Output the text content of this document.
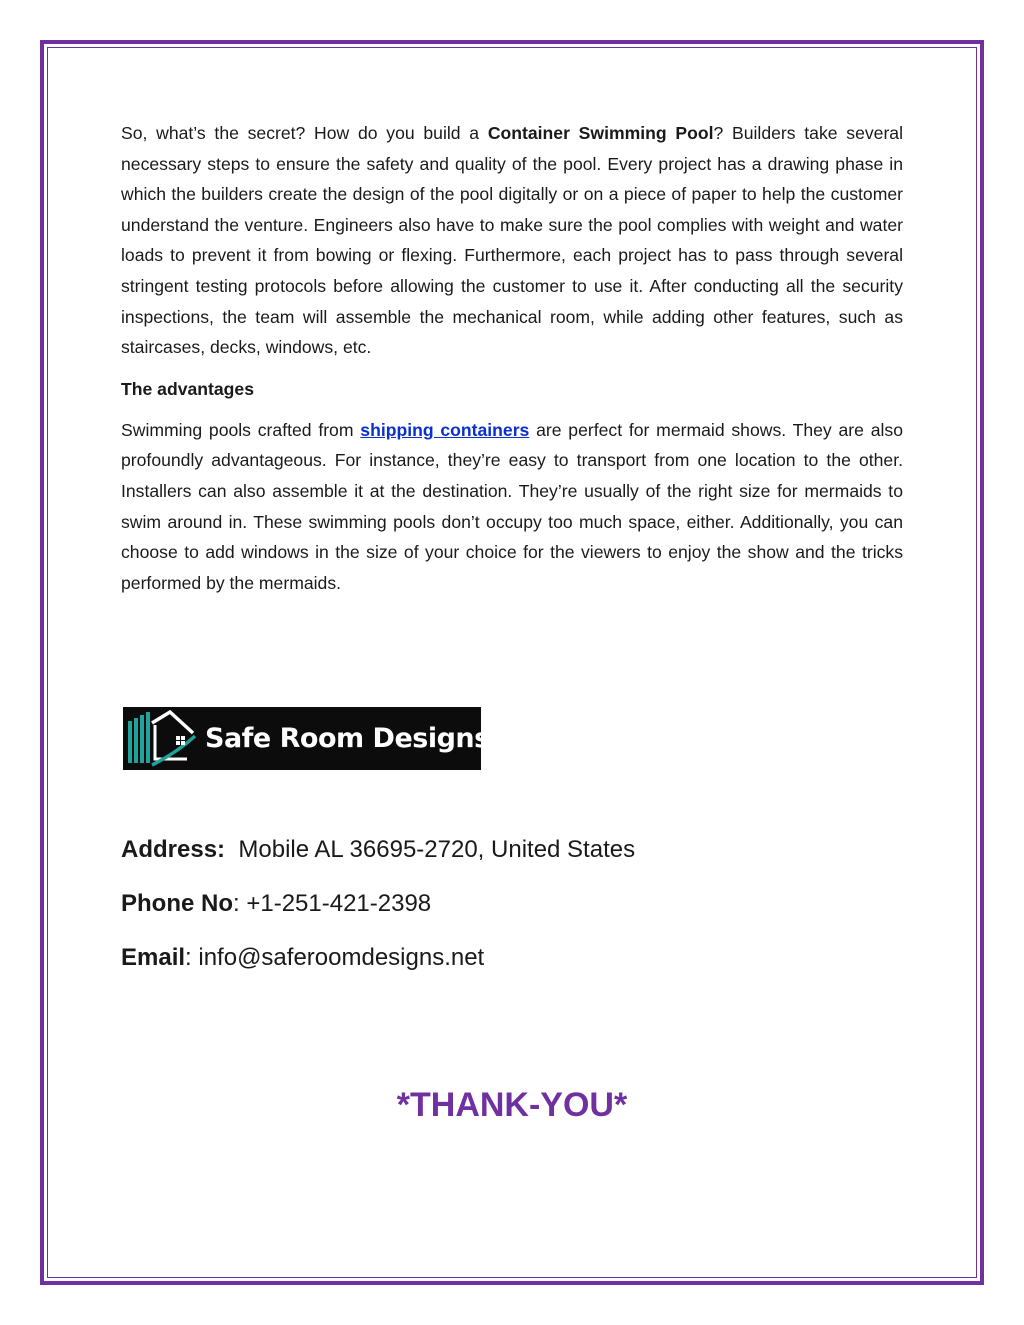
So, what’s the secret? How do you build a Container Swimming Pool? Builders take several necessary steps to ensure the safety and quality of the pool. Every project has a drawing phase in which the builders create the design of the pool digitally or on a piece of paper to help the customer understand the venture. Engineers also have to make sure the pool complies with weight and water loads to prevent it from bowing or flexing. Furthermore, each project has to pass through several stringent testing protocols before allowing the customer to use it. After conducting all the security inspections, the team will assemble the mechanical room, while adding other features, such as staircases, decks, windows, etc.

The advantages

Swimming pools crafted from shipping containers are perfect for mermaid shows. They are also profoundly advantageous. For instance, they’re easy to transport from one location to the other. Installers can also assemble it at the destination. They’re usually of the right size for mermaids to swim around in. These swimming pools don’t occupy too much space, either. Additionally, you can choose to add windows in the size of your choice for the viewers to enjoy the show and the tricks performed by the mermaids.

Safe Room Designs
Address: Mobile AL 36695-2720, United States
Phone No: +1-251-421-2398
Email: info@saferoomdesigns.net
*THANK-YOU*
